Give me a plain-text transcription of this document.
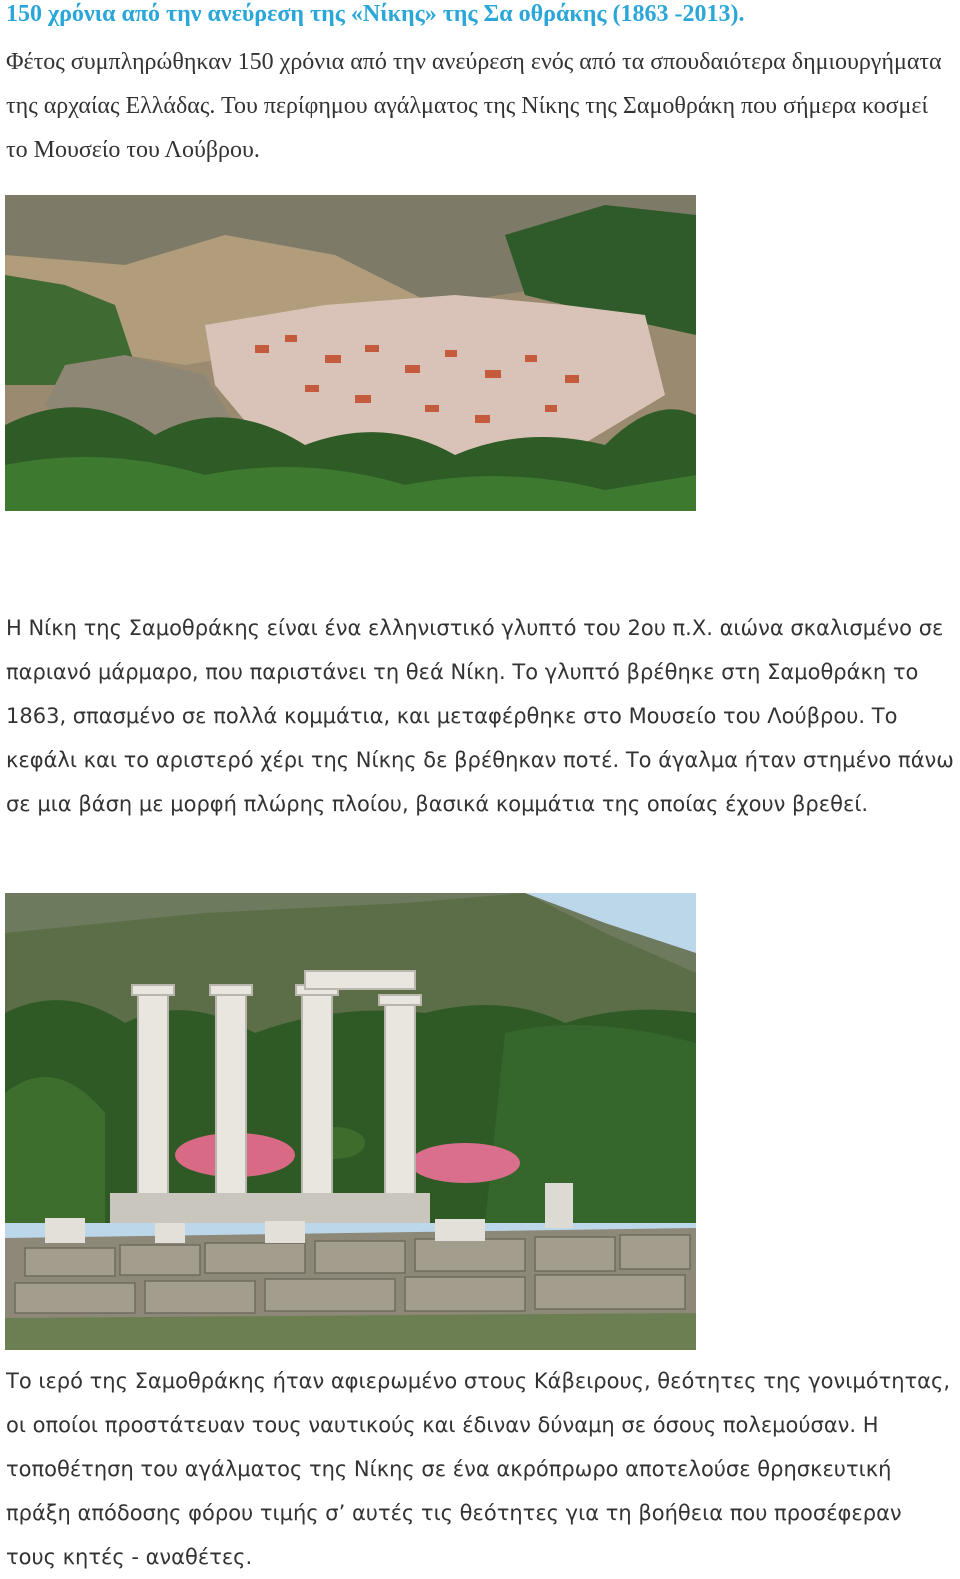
150 χρόνια από την ανεύρεση της «Νίκης» της Σα οθράκης (1863 -2013).
Φέτος συμπληρώθηκαν 150 χρόνια από την ανεύρεση ενός από τα σπουδαιότερα δημιουργήματα της αρχαίας Ελλάδας. Του περίφημου αγάλματος της Νίκης της Σαμοθράκη που σήμερα κοσμεί το Μουσείο του Λούβρου.
Η Νίκη της Σαμοθράκης είναι ένα ελληνιστικό γλυπτό του 2ου π.Χ. αιώνα σκαλισμένο σε παριανό μάρμαρο, που παριστάνει τη θεά Νίκη. Το γλυπτό βρέθηκε στη Σαμοθράκη το 1863, σπασμένο σε πολλά κομμάτια, και μεταφέρθηκε στο Μουσείο του Λούβρου. Το κεφάλι και το αριστερό χέρι της Νίκης δε βρέθηκαν ποτέ. Το άγαλμα ήταν στημένο πάνω σε μια βάση με μορφή πλώρης πλοίου, βασικά κομμάτια της οποίας έχουν βρεθεί.
Το ιερό της Σαμοθράκης ήταν αφιερωμένο στους Κάβειρους, θεότητες της γονιμότητας, οι οποίοι προστάτευαν τους ναυτικούς και έδιναν δύναμη σε όσους πολεμούσαν. Η τοποθέτηση του αγάλματος της Νίκης σε ένα ακρόπρωρο αποτελούσε θρησκευτική πράξη απόδοσης φόρου τιμής σ’ αυτές τις θεότητες για τη βοήθεια που προσέφεραν τους κητές - αναθέτες.
